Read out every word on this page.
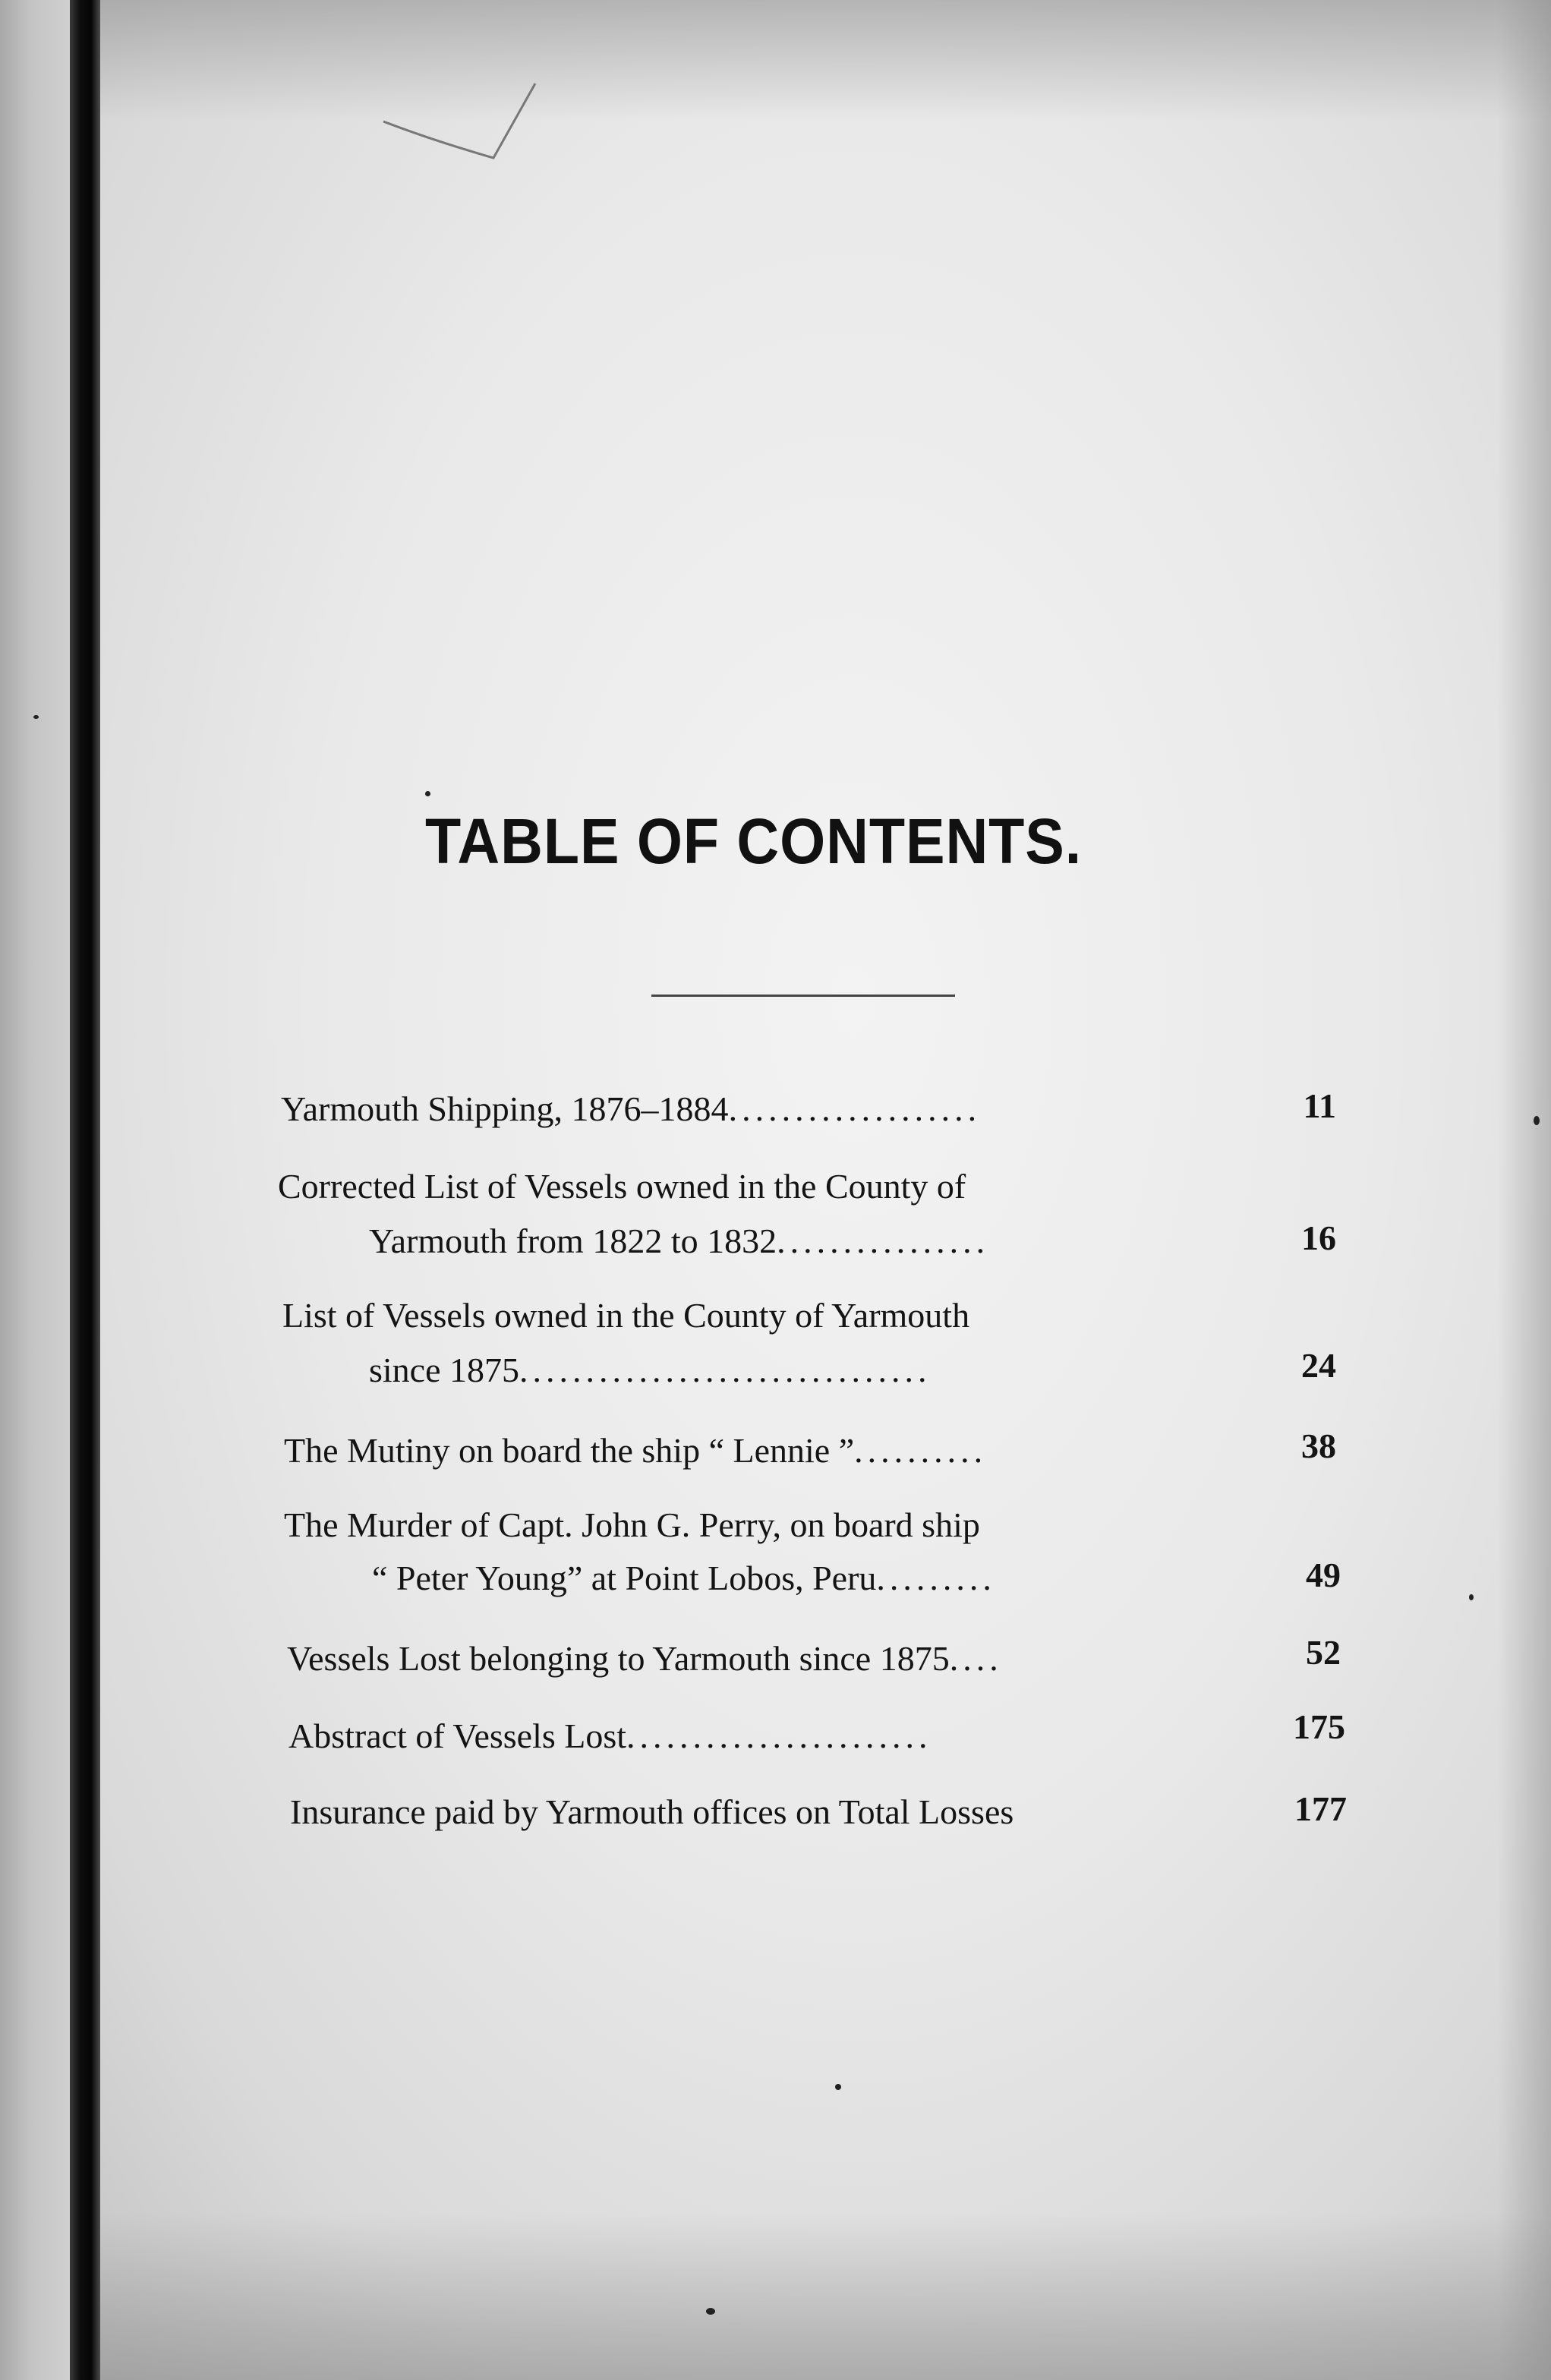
TABLE OF CONTENTS.
Yarmouth Shipping, 1876–1884...................	11
Corrected List of Vessels owned in the County of
Yarmouth from 1822 to 1832................	16
List of Vessels owned in the County of Yarmouth
since 1875...............................	24
The Mutiny on board the ship “ Lennie ”..........	38
The Murder of Capt. John G. Perry, on board ship
“ Peter Young” at Point Lobos, Peru.........	49
Vessels Lost belonging to Yarmouth since 1875....	52
Abstract of Vessels Lost.......................	175
Insurance paid by Yarmouth offices on Total Losses	177
